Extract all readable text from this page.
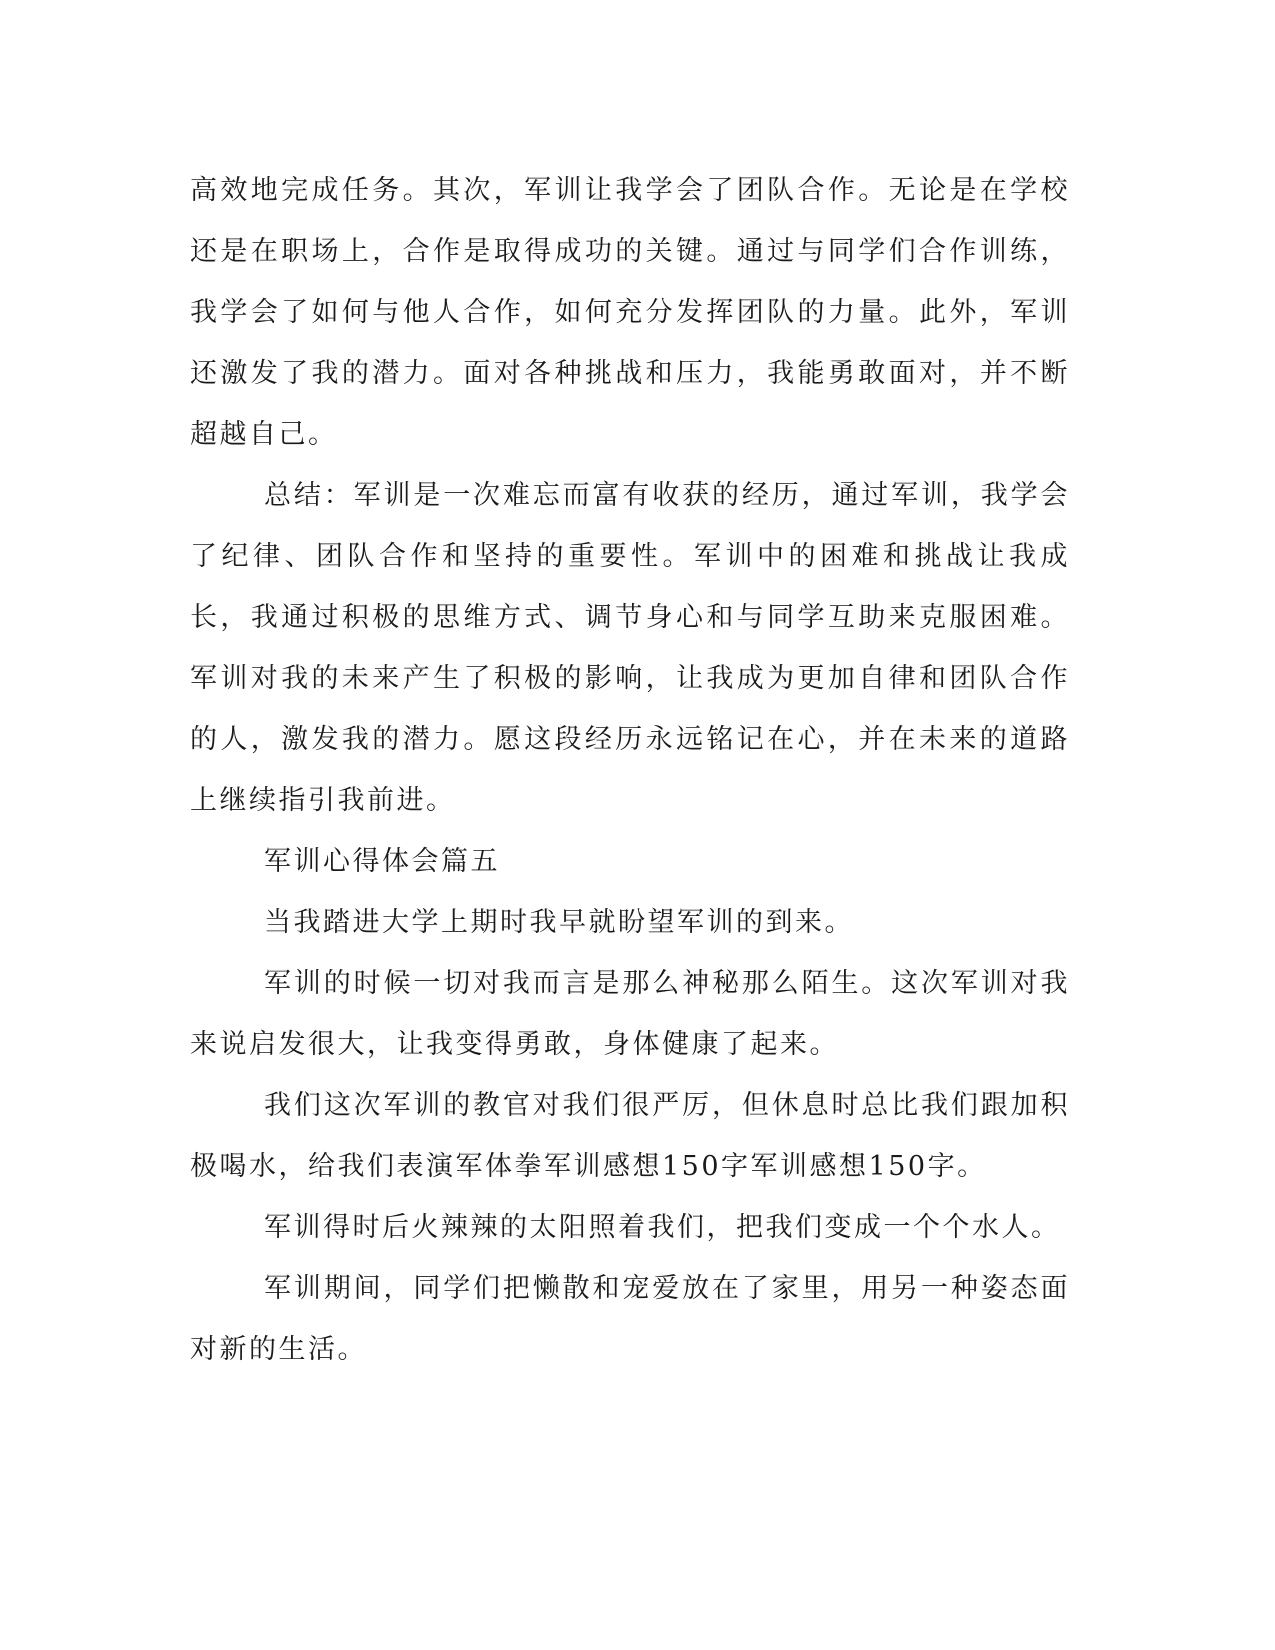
高效地完成任务。其次，军训让我学会了团队合作。无论是在学校还是在职场上，合作是取得成功的关键。通过与同学们合作训练，我学会了如何与他人合作，如何充分发挥团队的力量。此外，军训还激发了我的潜力。面对各种挑战和压力，我能勇敢面对，并不断超越自己。

总结：军训是一次难忘而富有收获的经历，通过军训，我学会了纪律、团队合作和坚持的重要性。军训中的困难和挑战让我成长，我通过积极的思维方式、调节身心和与同学互助来克服困难。军训对我的未来产生了积极的影响，让我成为更加自律和团队合作的人，激发我的潜力。愿这段经历永远铭记在心，并在未来的道路上继续指引我前进。

军训心得体会篇五

当我踏进大学上期时我早就盼望军训的到来。

军训的时候一切对我而言是那么神秘那么陌生。这次军训对我来说启发很大，让我变得勇敢，身体健康了起来。

我们这次军训的教官对我们很严厉，但休息时总比我们跟加积极喝水，给我们表演军体拳军训感想150字军训感想150字。

军训得时后火辣辣的太阳照着我们，把我们变成一个个水人。

军训期间，同学们把懒散和宠爱放在了家里，用另一种姿态面对新的生活。
